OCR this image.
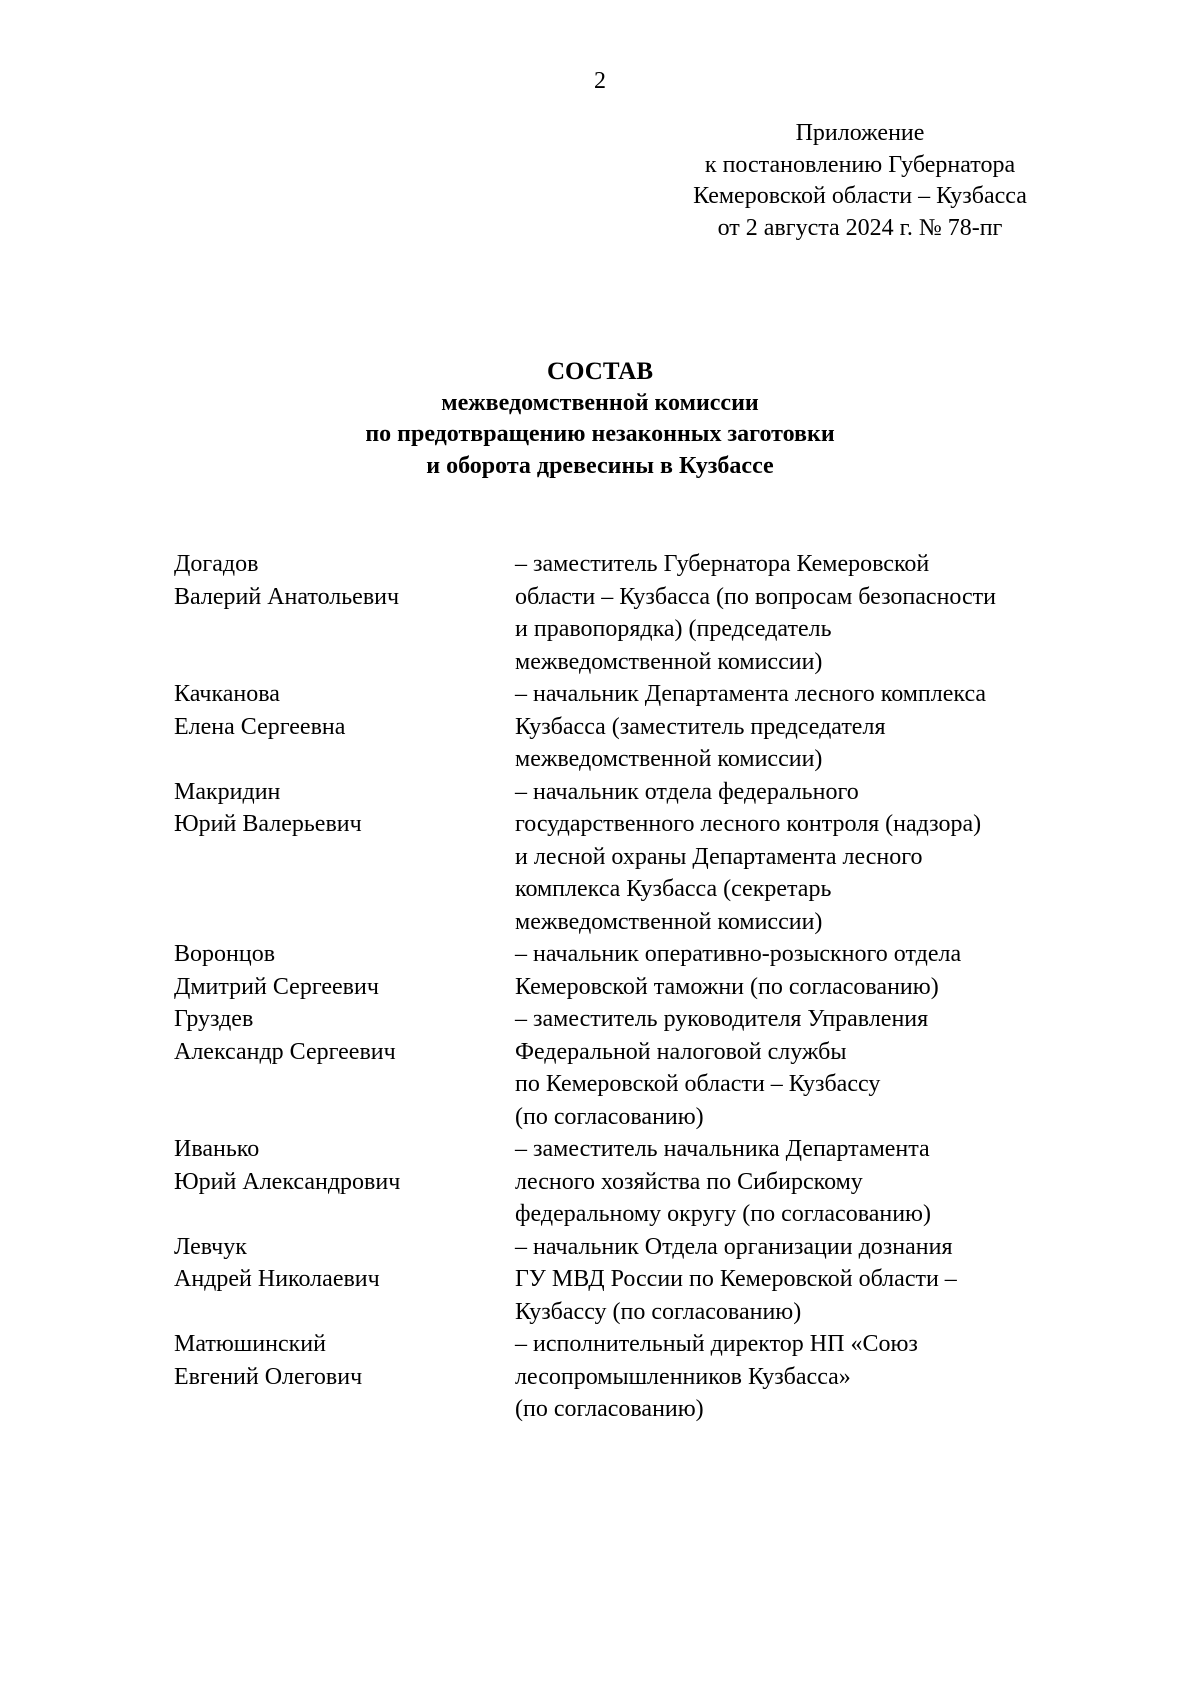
2
Приложение
к постановлению Губернатора
Кемеровской области – Кузбасса
от 2 августа 2024 г. № 78-пг
СОСТАВ
межведомственной комиссии
по предотвращению незаконных заготовки
и оборота древесины в Кузбассе
Догадов
Валерий Анатольевич
– заместитель Губернатора Кемеровской
области – Кузбасса (по вопросам безопасности
и правопорядка) (председатель
межведомственной комиссии)
Качканова
Елена Сергеевна
– начальник Департамента лесного комплекса
Кузбасса (заместитель председателя
межведомственной комиссии)
Макридин
Юрий Валерьевич
– начальник отдела федерального
государственного лесного контроля (надзора)
и лесной охраны Департамента лесного
комплекса Кузбасса (секретарь
межведомственной комиссии)
Воронцов
Дмитрий Сергеевич
– начальник оперативно-розыскного отдела
Кемеровской таможни (по согласованию)
Груздев
Александр Сергеевич
– заместитель руководителя Управления
Федеральной налоговой службы
по Кемеровской области – Кузбассу
(по согласованию)
Иванько
Юрий Александрович
– заместитель начальника Департамента
лесного хозяйства по Сибирскому
федеральному округу (по согласованию)
Левчук
Андрей Николаевич
– начальник Отдела организации дознания
ГУ МВД России по Кемеровской области –
Кузбассу (по согласованию)
Матюшинский
Евгений Олегович
– исполнительный директор НП «Союз
лесопромышленников Кузбасса»
(по согласованию)
